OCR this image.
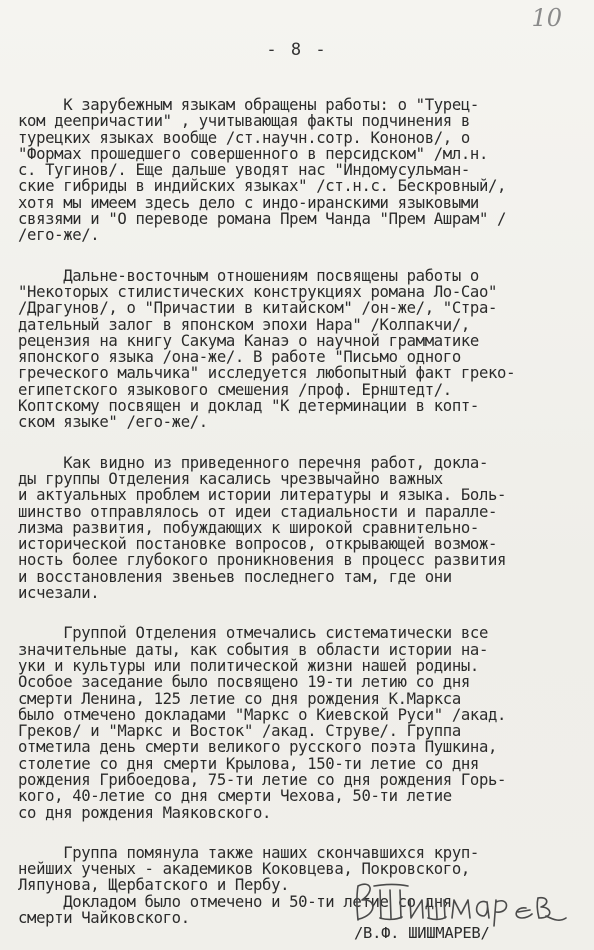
10
- 8 -
К зарубежным языкам обращены работы: о "Турец-
ком деепричастии" , учитывающая факты подчинения в
турецких языках вообще /ст.научн.сотр. Кононов/, о
"Формах прошедшего совершенного в персидском" /мл.н.
с. Тугинов/. Еще дальше уводят нас "Индомусульман-
ские гибриды в индийских языках" /ст.н.с. Бескровный/,
хотя мы имеем здесь дело с индо-иранскими языковыми
связями и "О переводе романа Прем Чанда "Прем Ашрам" /
/его-же/.
Дальне-восточным отношениям посвящены работы о
"Некоторых стилистических конструкциях романа Ло-Сао"
/Драгунов/, о "Причастии в китайском" /он-же/, "Стра-
дательный залог в японском эпохи Нара" /Колпакчи/,
рецензия на книгу Сакума Канаэ о научной грамматике
японского языка /она-же/. В работе "Письмо одного
греческого мальчика" исследуется любопытный факт греко-
египетского языкового смешения /проф. Ернштедт/.
Коптскому посвящен и доклад "К детерминации в копт-
ском языке" /его-же/.
Как видно из приведенного перечня работ, докла-
ды группы Отделения касались чрезвычайно важных
и актуальных проблем истории литературы и языка. Боль-
шинство отправлялось от идеи стадиальности и паралле-
лизма развития, побуждающих к широкой сравнительно-
исторической постановке вопросов, открывающей возмож-
ность более глубокого проникновения в процесс развития
и восстановления звеньев последнего там, где они
исчезали.
Группой Отделения отмечались систематически все
значительные даты, как события в области истории на-
уки и культуры или политической жизни нашей родины.
Особое заседание было посвящено 19-ти летию со дня
смерти Ленина, 125 летие со дня рождения К.Маркса
было отмечено докладами "Маркс о Киевской Руси" /акад.
Греков/ и "Маркс и Восток" /акад. Струве/. Группа
отметила день смерти великого русского поэта Пушкина,
столетие со дня смерти Крылова, 150-ти летие со дня
рождения Грибоедова, 75-ти летие со дня рождения Горь-
кого, 40-летие со дня смерти Чехова, 50-ти летие
со дня рождения Маяковского.
Группа помянула также наших скончавшихся круп-
нейших ученых - академиков Коковцева, Покровского,
Ляпунова, Щербатского и Пербу.
Докладом было отмечено и 50-ти летие со дня
смерти Чайковского.
/В.Ф. ШИШМАРЕВ/
